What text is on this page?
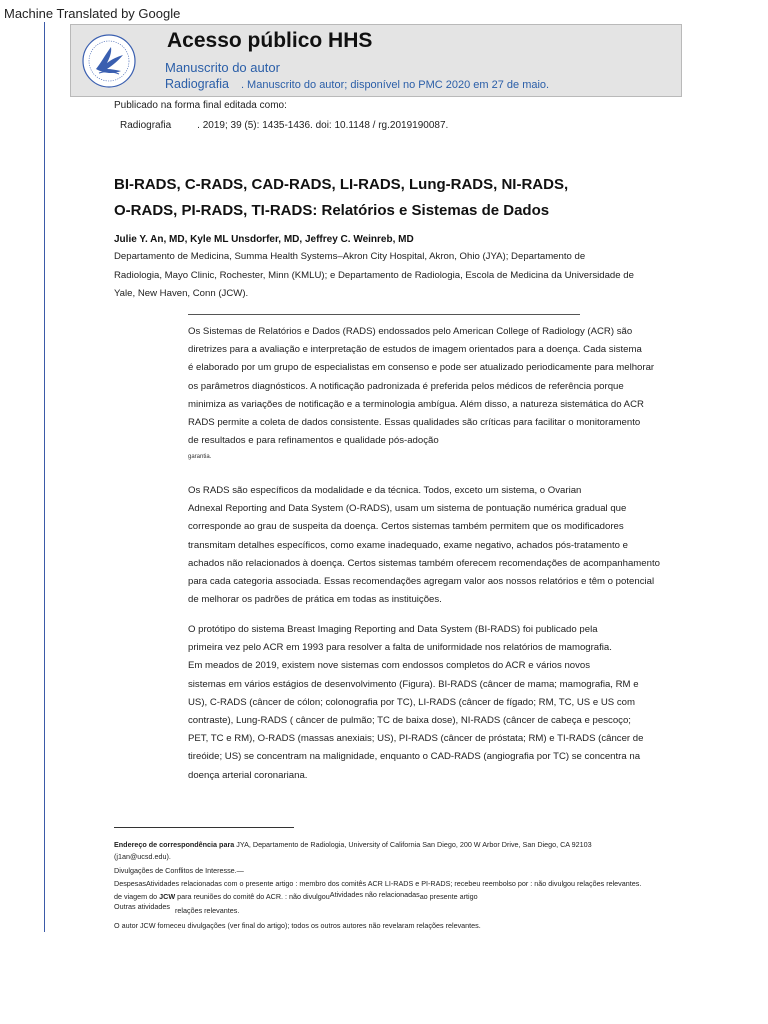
Machine Translated by Google
Acesso público HHS
Manuscrito do autor
Radiografia . Manuscrito do autor; disponível no PMC 2020 em 27 de maio.
Publicado na forma final editada como:
Radiografia	. 2019; 39 (5): 1435-1436. doi: 10.1148 / rg.2019190087.
BI-RADS, C-RADS, CAD-RADS, LI-RADS, Lung-RADS, NI-RADS,
O-RADS, PI-RADS, TI-RADS: Relatórios e Sistemas de Dados
Julie Y. An, MD, Kyle ML Unsdorfer, MD, Jeffrey C. Weinreb, MD
Departamento de Medicina, Summa Health Systems–Akron City Hospital, Akron, Ohio (JYA); Departamento de
Radiologia, Mayo Clinic, Rochester, Minn (KMLU); e Departamento de Radiologia, Escola de Medicina da Universidade de
Yale, New Haven, Conn (JCW).

Os Sistemas de Relatórios e Dados (RADS) endossados pelo American College of Radiology (ACR) são

diretrizes para a avaliação e interpretação de estudos de imagem orientados para a doença. Cada sistema

é elaborado por um grupo de especialistas em consenso e pode ser atualizado periodicamente para melhorar

os parâmetros diagnósticos. A notificação padronizada é preferida pelos médicos de referência porque

minimiza as variações de notificação e a terminologia ambígua. Além disso, a natureza sistemática do ACR

RADS permite a coleta de dados consistente. Essas qualidades são críticas para facilitar o monitoramento

de resultados e para refinamentos e qualidade pós-adoção

garantia.

Os RADS são específicos da modalidade e da técnica. Todos, exceto um sistema, o Ovarian

Adnexal Reporting and Data System (O-RADS), usam um sistema de pontuação numérica gradual que

corresponde ao grau de suspeita da doença. Certos sistemas também permitem que os modificadores

transmitam detalhes específicos, como exame inadequado, exame negativo, achados pós-tratamento e

achados não relacionados à doença. Certos sistemas também oferecem recomendações de acompanhamento

para cada categoria associada. Essas recomendações agregam valor aos nossos relatórios e têm o potencial

de melhorar os padrões de prática em todas as instituições.

O protótipo do sistema Breast Imaging Reporting and Data System (BI-RADS) foi publicado pela

primeira vez pelo ACR em 1993 para resolver a falta de uniformidade nos relatórios de mamografia.

Em meados de 2019, existem nove sistemas com endossos completos do ACR e vários novos

sistemas em vários estágios de desenvolvimento (Figura). BI-RADS (câncer de mama; mamografia, RM e

US), C-RADS (câncer de cólon; colonografia por TC), LI-RADS (câncer de fígado; RM, TC, US e US com

contraste), Lung-RADS ( câncer de pulmão; TC de baixa dose), NI-RADS (câncer de cabeça e pescoço;

PET, TC e RM), O-RADS (massas anexiais; US), PI-RADS (câncer de próstata; RM) e TI-RADS (câncer de

tireóide; US) se concentram na malignidade, enquanto o CAD-RADS (angiografia por TC) se concentra na

doença arterial coronariana.

Endereço de correspondência para JYA, Departamento de Radiologia, University of California San Diego, 200 W Arbor Drive, San Diego, CA 92103
(j1an@ucsd.edu).
Divulgações de Conflitos de Interesse.—
DespesasAtividades relacionadas com o presente artigo : membro dos comitês ACR LI-RADS e PI-RADS; recebeu reembolso por : não divulgou relações relevantes.
de viagem do JCW para reuniões do comitê do ACR. : não divulgouAtividades não relacionadasao presente artigo
Outras atividades relações relevantes.
O autor JCW forneceu divulgações (ver final do artigo); todos os outros autores não revelaram relações relevantes.
